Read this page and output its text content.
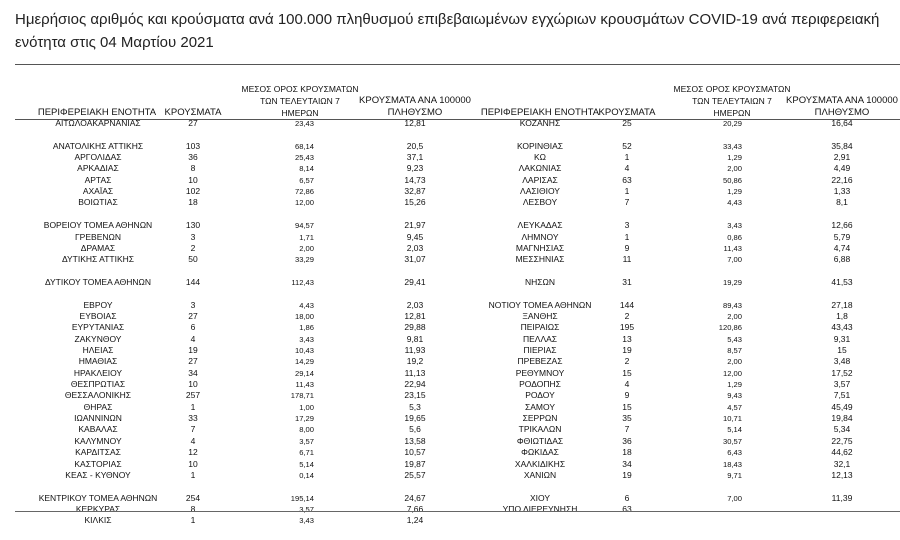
Ημερήσιος αριθμός και κρούσματα ανά 100.000 πληθυσμού επιβεβαιωμένων εγχώριων κρουσμάτων COVID-19 ανά περιφερειακή ενότητα στις 04 Μαρτίου 2021
ΠΕΡΙΦΕΡΕΙΑΚΗ ΕΝΟΤΗΤΑ ΚΡΟΥΣΜΑΤΑ
ΜΕΣΟΣ ΟΡΟΣ ΚΡΟΥΣΜΑΤΩΝ
ΤΩΝ ΤΕΛΕΥΤΑΙΩΝ 7
ΗΜΕΡΩΝ
ΚΡΟΥΣΜΑΤΑ ΑΝΑ 100000
ΠΛΗΘΥΣΜΟ	ΠΕΡΙΦΕΡΕΙΑΚΗ ΕΝΟΤΗΤΑ ΚΡΟΥΣΜΑΤΑ
ΜΕΣΟΣ ΟΡΟΣ ΚΡΟΥΣΜΑΤΩΝ
ΤΩΝ ΤΕΛΕΥΤΑΙΩΝ 7
ΗΜΕΡΩΝ
ΚΡΟΥΣΜΑΤΑ ΑΝΑ 100000
ΠΛΗΘΥΣΜΟ
ΑΙΤΩΛΟΑΚΑΡΝΑΝΙΑΣ	27	23,43	12,81
ΑΝΑΤΟΛΙΚΗΣ ΑΤΤΙΚΗΣ	103	68,14	20,5
ΑΡΓΟΛΙΔΑΣ	36	25,43	37,1
ΑΡΚΑΔΙΑΣ	8	8,14	9,23
ΑΡΤΑΣ	10	6,57	14,73
ΑΧΑΪΑΣ	102	72,86	32,87
ΒΟΙΩΤΙΑΣ	18	12,00	15,26
ΒΟΡΕΙΟΥ ΤΟΜΕΑ ΑΘΗΝΩΝ	130	94,57	21,97
ΓΡΕΒΕΝΩΝ	3	1,71	9,45
ΔΡΑΜΑΣ	2	2,00	2,03
ΔΥΤΙΚΗΣ ΑΤΤΙΚΗΣ	50	33,29	31,07
ΔΥΤΙΚΟΥ ΤΟΜΕΑ ΑΘΗΝΩΝ	144	112,43	29,41
ΕΒΡΟΥ	3	4,43	2,03
ΕΥΒΟΙΑΣ	27	18,00	12,81
ΕΥΡΥΤΑΝΙΑΣ	6	1,86	29,88
ΖΑΚΥΝΘΟΥ	4	3,43	9,81
ΗΛΕΙΑΣ	19	10,43	11,93
ΗΜΑΘΙΑΣ	27	14,29	19,2
ΗΡΑΚΛΕΙΟΥ	34	29,14	11,13
ΘΕΣΠΡΩΤΙΑΣ	10	11,43	22,94
ΘΕΣΣΑΛΟΝΙΚΗΣ	257	178,71	23,15
ΘΗΡΑΣ	1	1,00	5,3
ΙΩΑΝΝΙΝΩΝ	33	17,29	19,65
ΚΑΒΑΛΑΣ	7	8,00	5,6
ΚΑΛΥΜΝΟΥ	4	3,57	13,58
ΚΑΡΔΙΤΣΑΣ	12	6,71	10,57
ΚΑΣΤΟΡΙΑΣ	10	5,14	19,87
ΚΕΑΣ - ΚΥΘΝΟΥ	1	0,14	25,57
ΚΕΝΤΡΙΚΟΥ ΤΟΜΕΑ ΑΘΗΝΩΝ	254	195,14	24,67
ΚΕΡΚΥΡΑΣ	8	3,57	7,66
ΚΙΛΚΙΣ	1	3,43	1,24
ΚΟΖΑΝΗΣ	25	20,29	16,64
ΚΟΡΙΝΘΙΑΣ	52	33,43	35,84
ΚΩ	1	1,29	2,91
ΛΑΚΩΝΙΑΣ	4	2,00	4,49
ΛΑΡΙΣΑΣ	63	50,86	22,16
ΛΑΣΙΘΙΟΥ	1	1,29	1,33
ΛΕΣΒΟΥ	7	4,43	8,1
ΛΕΥΚΑΔΑΣ	3	3,43	12,66
ΛΗΜΝΟΥ	1	0,86	5,79
ΜΑΓΝΗΣΙΑΣ	9	11,43	4,74
ΜΕΣΣΗΝΙΑΣ	11	7,00	6,88
ΝΗΣΩΝ	31	19,29	41,53
ΝΟΤΙΟΥ ΤΟΜΕΑ ΑΘΗΝΩΝ	144	89,43	27,18
ΞΑΝΘΗΣ	2	2,00	1,8
ΠΕΙΡΑΙΩΣ	195	120,86	43,43
ΠΕΛΛΑΣ	13	5,43	9,31
ΠΙΕΡΙΑΣ	19	8,57	15
ΠΡΕΒΕΖΑΣ	2	2,00	3,48
ΡΕΘΥΜΝΟΥ	15	12,00	17,52
ΡΟΔΟΠΗΣ	4	1,29	3,57
ΡΟΔΟΥ	9	9,43	7,51
ΣΑΜΟΥ	15	4,57	45,49
ΣΕΡΡΩΝ	35	10,71	19,84
ΤΡΙΚΑΛΩΝ	7	5,14	5,34
ΦΘΙΩΤΙΔΑΣ	36	30,57	22,75
ΦΩΚΙΔΑΣ	18	6,43	44,62
ΧΑΛΚΙΔΙΚΗΣ	34	18,43	32,1
ΧΑΝΙΩΝ	19	9,71	12,13
ΧΙΟΥ	6	7,00	11,39
ΥΠΟ ΔΙΕΡΕΥΝΗΣΗ	63
